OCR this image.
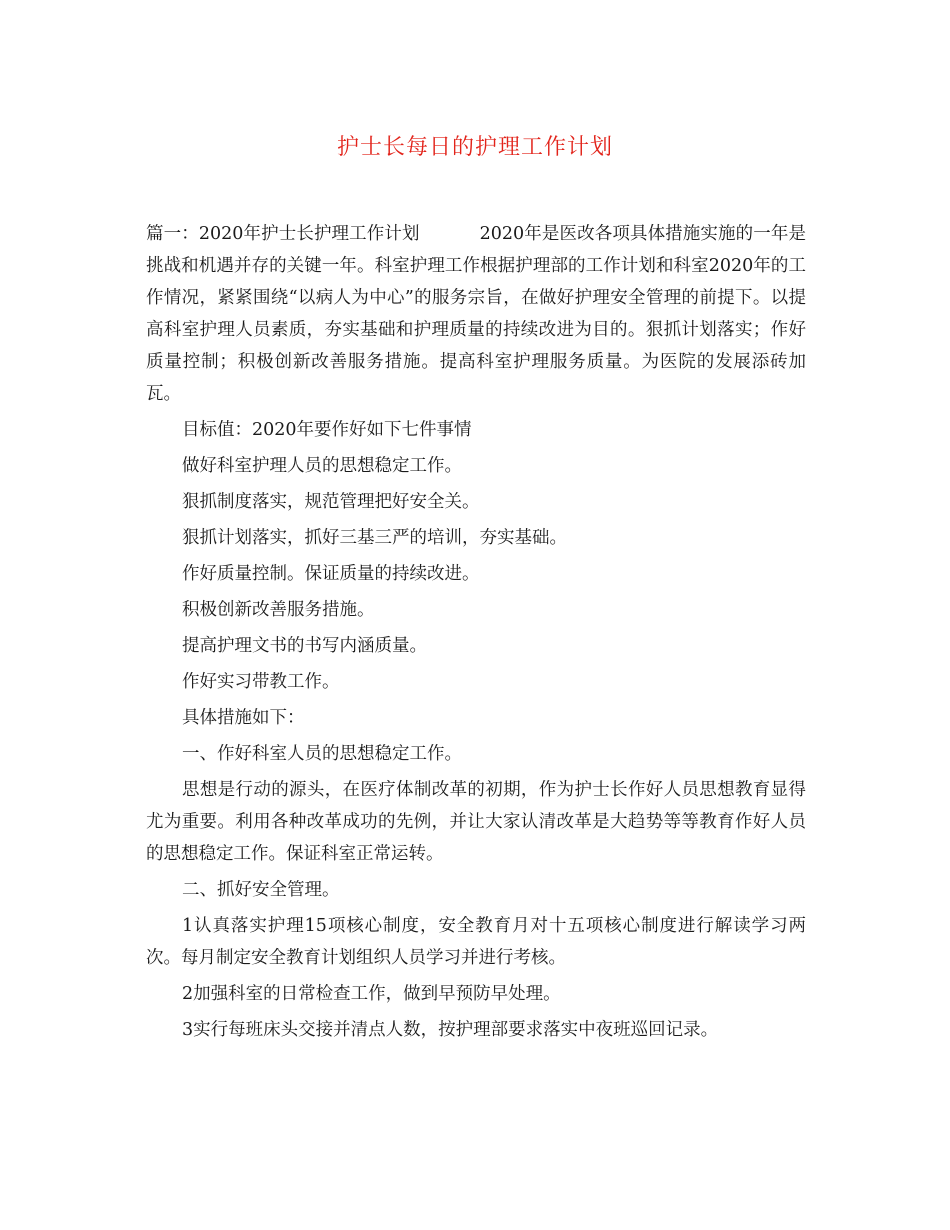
护士长每日的护理工作计划

篇一：2020年护士长护理工作计划	2020年是医改各项具体措施实施的一年是挑战和机遇并存的关键一年。科室护理工作根据护理部的工作计划和科室2020年的工作情况，紧紧围绕“以病人为中心”的服务宗旨，在做好护理安全管理的前提下。以提高科室护理人员素质，夯实基础和护理质量的持续改进为目的。狠抓计划落实；作好质量控制；积极创新改善服务措施。提高科室护理服务质量。为医院的发展添砖加瓦。

目标值：2020年要作好如下七件事情

做好科室护理人员的思想稳定工作。

狠抓制度落实，规范管理把好安全关。

狠抓计划落实，抓好三基三严的培训，夯实基础。

作好质量控制。保证质量的持续改进。

积极创新改善服务措施。

提高护理文书的书写内涵质量。

作好实习带教工作。

具体措施如下：

一、作好科室人员的思想稳定工作。

思想是行动的源头，在医疗体制改革的初期，作为护士长作好人员思想教育显得尤为重要。利用各种改革成功的先例，并让大家认清改革是大趋势等等教育作好人员的思想稳定工作。保证科室正常运转。

二、抓好安全管理。

1认真落实护理15项核心制度，安全教育月对十五项核心制度进行解读学习两次。每月制定安全教育计划组织人员学习并进行考核。

2加强科室的日常检查工作，做到早预防早处理。

3实行每班床头交接并清点人数，按护理部要求落实中夜班巡回记录。
